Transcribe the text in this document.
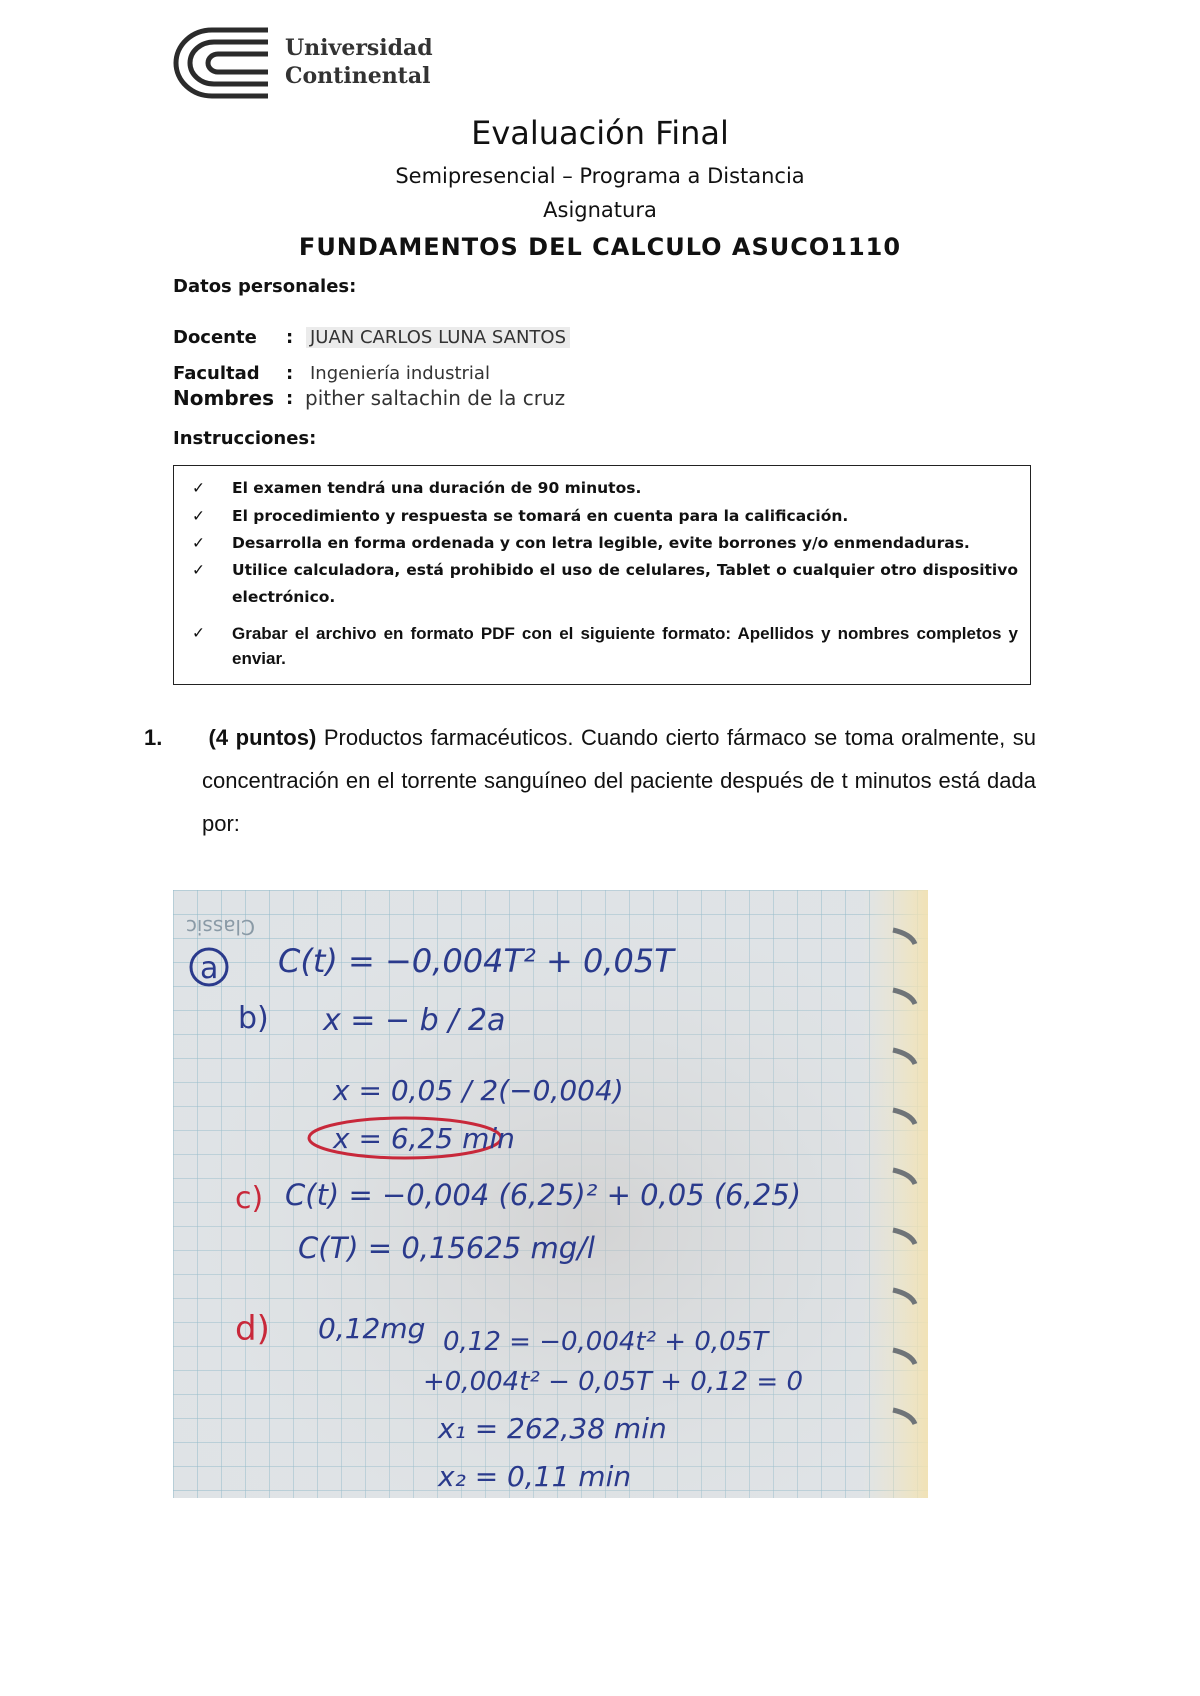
Universidad
Continental
Evaluación Final
Semipresencial – Programa a Distancia
Asignatura
FUNDAMENTOS DEL CALCULO ASUCO1110
Datos personales:
Docente	: JUAN CARLOS LUNA SANTOS
Facultad	: Ingeniería industrial
Nombres : pither saltachin de la cruz
Instrucciones:
✓	El examen tendrá una duración de 90 minutos.
✓	El procedimiento y respuesta se tomará en cuenta para la calificación.
✓	Desarrolla en forma ordenada y con letra legible, evite borrones y/o enmendaduras.
✓	Utilice calculadora, está prohibido el uso de celulares, Tablet o cualquier otro dispositivo electrónico.
✓	Grabar el archivo en formato PDF con el siguiente formato: Apellidos y nombres completos y enviar.

1. (4 puntos) Productos farmacéuticos. Cuando cierto fármaco se toma oralmente, su concentración en el torrente sanguíneo del paciente después de t minutos está dada por:

Classic
a C(t) = −0,004T² + 0,05T
b) x = − b / 2a
x = 0,05 / 2(−0,004)
x = 6,25 min
c) C(t) = −0,004 (6,25)² + 0,05 (6,25)
C(T) = 0,15625 mg/l
d) 0,12mg 0,12 = −0,004t² + 0,05T
+0,004t² − 0,05T + 0,12 = 0
x₁ = 262,38 min
x₂ = 0,11 min
